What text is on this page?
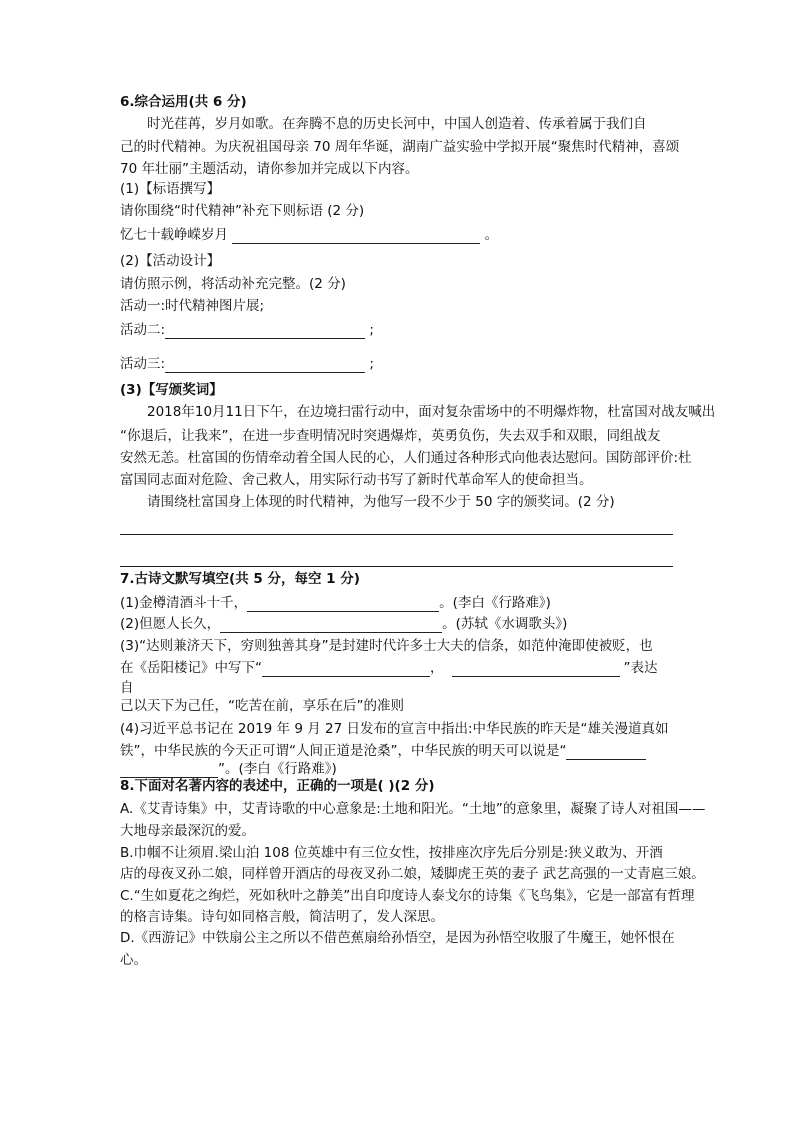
6.综合运用(共 6 分)
时光荏苒，岁月如歌。在奔腾不息的历史长河中，中国人创造着、传承着属于我们自
己的时代精神。为庆祝祖国母亲 70 周年华诞，湖南广益实验中学拟开展“聚焦时代精神，喜颂
70 年壮丽”主题活动，请你参加并完成以下内容。
(1)【标语撰写】
请你围绕“时代精神”补充下则标语 (2 分)
忆七十载峥嵘岁月	。
(2)【活动设计】
请仿照示例，将活动补充完整。(2 分)
活动一:时代精神图片展;
活动二:	;
活动三:	;
(3)【写颁奖词】
2018年10月11日下午，在边境扫雷行动中，面对复杂雷场中的不明爆炸物，杜富国对战友喊出
“你退后，让我来”，在进一步查明情况时突遇爆炸，英勇负伤，失去双手和双眼，同组战友
安然无恙。杜富国的伤情牵动着全国人民的心，人们通过各种形式向他表达慰问。国防部评价:杜
富国同志面对危险、舍己救人，用实际行动书写了新时代革命军人的使命担当。
请围绕杜富国身上体现的时代精神，为他写一段不少于 50 字的颁奖词。(2 分)
7.古诗文默写填空(共 5 分，每空 1 分)
(1)金樽清酒斗十千，	。(李白《行路难》)
(2)但愿人长久，	。(苏轼《水调歌头》)
(3)“达则兼济天下，穷则独善其身”是封建时代许多士大夫的信条，如范仲淹即使被贬，也
在《岳阳楼记》中写下“	，	”表达
自
己以天下为己任，“吃苦在前，享乐在后”的准则
(4)习近平总书记在 2019 年 9 月 27 日发布的宣言中指出:中华民族的昨天是“雄关漫道真如
铁”，中华民族的今天正可谓“人间正道是沧桑”，中华民族的明天可以说是“
”。(李白《行路难》)
8.下面对名著内容的表述中，正确的一项是( )(2 分)
A.《艾青诗集》中，艾青诗歌的中心意象是:土地和阳光。“土地”的意象里，凝聚了诗人对祖国——
大地母亲最深沉的爱。
B.巾帼不让须眉.梁山泊 108 位英雄中有三位女性，按排座次序先后分别是:狭义敢为、开酒
店的母夜叉孙二娘，同样曾开酒店的母夜叉孙二娘，矮脚虎王英的妻子 武艺高强的一丈青扈三娘。
C.“生如夏花之绚烂，死如秋叶之静美”出自印度诗人泰戈尔的诗集《飞鸟集》，它是一部富有哲理
的格言诗集。诗句如同格言般，简洁明了，发人深思。
D.《西游记》中铁扇公主之所以不借芭蕉扇给孙悟空，是因为孙悟空收服了牛魔王，她怀恨在
心。
